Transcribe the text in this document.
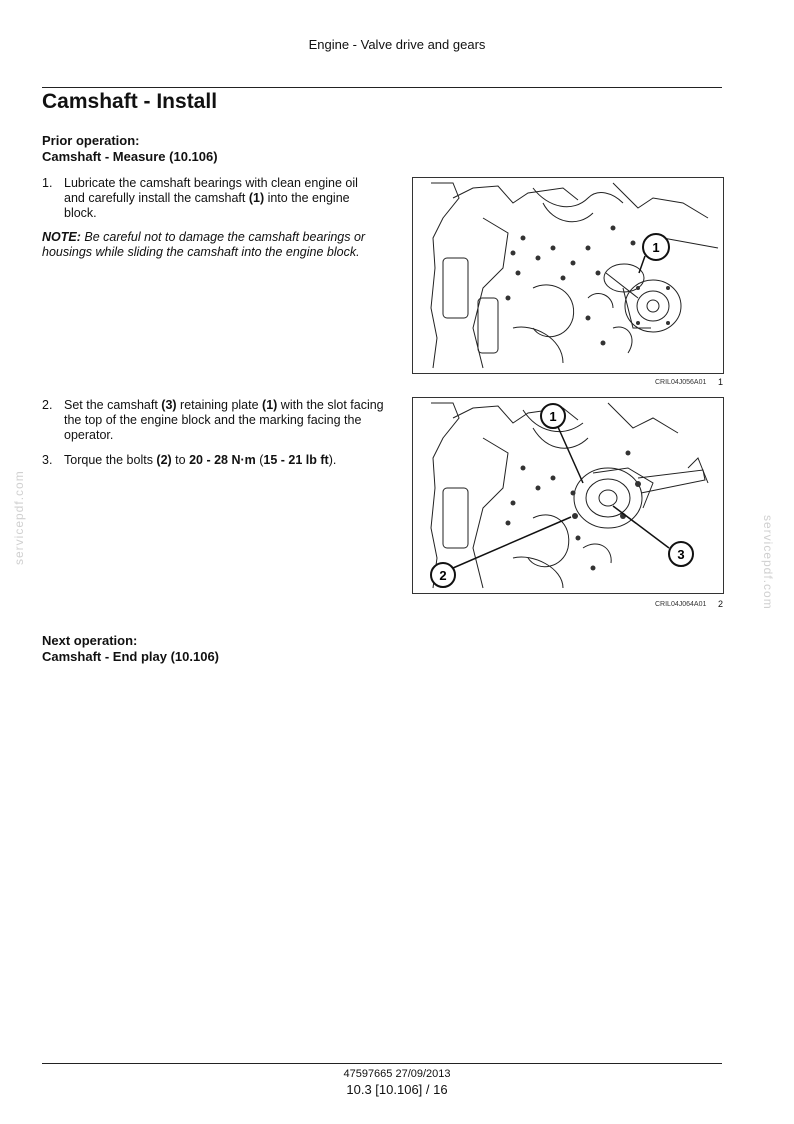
Engine - Valve drive and gears
Camshaft - Install
Prior operation:
Camshaft - Measure (10.106)
1. Lubricate the camshaft bearings with clean engine oil and carefully install the camshaft (1) into the engine block.
NOTE: Be careful not to damage the camshaft bearings or housings while sliding the camshaft into the engine block.	1
CRIL04J056A01 1
2. Set the camshaft (3) retaining plate (1) with the slot facing the top of the engine block and the marking facing the operator.
3. Torque the bolts (2) to 20 - 28 N·m (15 - 21 lb ft).
1
2
3
CRIL04J064A01 2
servicepdf.com	servicepdf.com
Next operation:
Camshaft - End play (10.106)
47597665 27/09/2013
10.3 [10.106] / 16
